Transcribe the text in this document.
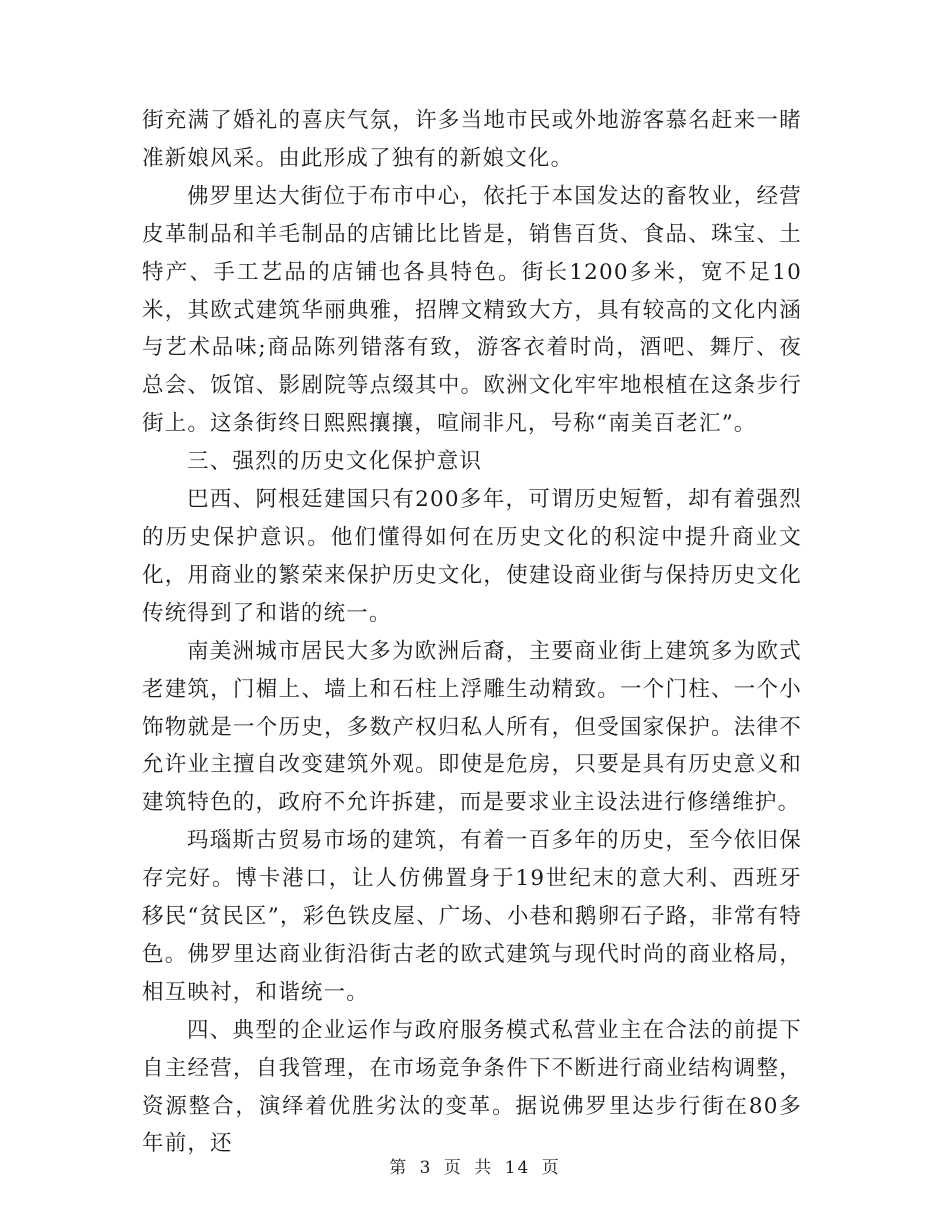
街充满了婚礼的喜庆气氛，许多当地市民或外地游客慕名赶来一睹准新娘风采。由此形成了独有的新娘文化。

佛罗里达大街位于布市中心，依托于本国发达的畜牧业，经营皮革制品和羊毛制品的店铺比比皆是，销售百货、食品、珠宝、土特产、手工艺品的店铺也各具特色。街长1200多米，宽不足10米，其欧式建筑华丽典雅，招牌文精致大方，具有较高的文化内涵与艺术品味;商品陈列错落有致，游客衣着时尚，酒吧、舞厅、夜总会、饭馆、影剧院等点缀其中。欧洲文化牢牢地根植在这条步行街上。这条街终日熙熙攘攘，喧闹非凡，号称“南美百老汇”。

三、强烈的历史文化保护意识

巴西、阿根廷建国只有200多年，可谓历史短暂，却有着强烈的历史保护意识。他们懂得如何在历史文化的积淀中提升商业文化，用商业的繁荣来保护历史文化，使建设商业街与保持历史文化传统得到了和谐的统一。

南美洲城市居民大多为欧洲后裔，主要商业街上建筑多为欧式老建筑，门楣上、墙上和石柱上浮雕生动精致。一个门柱、一个小饰物就是一个历史，多数产权归私人所有，但受国家保护。法律不允许业主擅自改变建筑外观。即使是危房，只要是具有历史意义和建筑特色的，政府不允许拆建，而是要求业主设法进行修缮维护。

玛瑙斯古贸易市场的建筑，有着一百多年的历史，至今依旧保存完好。博卡港口，让人仿佛置身于19世纪末的意大利、西班牙移民“贫民区”，彩色铁皮屋、广场、小巷和鹅卵石子路，非常有特色。佛罗里达商业街沿街古老的欧式建筑与现代时尚的商业格局，相互映衬，和谐统一。

四、典型的企业运作与政府服务模式私营业主在合法的前提下自主经营，自我管理，在市场竞争条件下不断进行商业结构调整，资源整合，演绎着优胜劣汰的变革。据说佛罗里达步行街在80多年前，还

第 3 页 共 14 页
